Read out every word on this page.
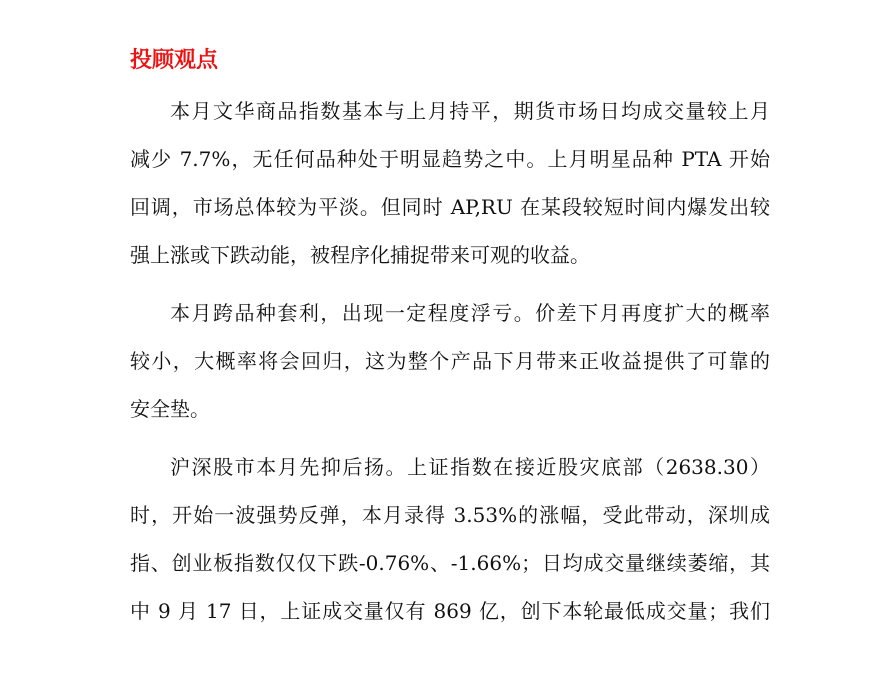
投顾观点

本月文华商品指数基本与上月持平，期货市场日均成交量较上月
减少 7.7%，无任何品种处于明显趋势之中。上月明星品种 PTA 开始
回调，市场总体较为平淡。但同时 AP,RU 在某段较短时间内爆发出较
强上涨或下跌动能，被程序化捕捉带来可观的收益。

本月跨品种套利，出现一定程度浮亏。价差下月再度扩大的概率
较小，大概率将会回归，这为整个产品下月带来正收益提供了可靠的
安全垫。

沪深股市本月先抑后扬。上证指数在接近股灾底部（2638.30）
时，开始一波强势反弹，本月录得 3.53%的涨幅，受此带动，深圳成
指、创业板指数仅仅下跌-0.76%、-1.66%；日均成交量继续萎缩，其
中 9 月 17 日，上证成交量仅有 869 亿，创下本轮最低成交量；我们
